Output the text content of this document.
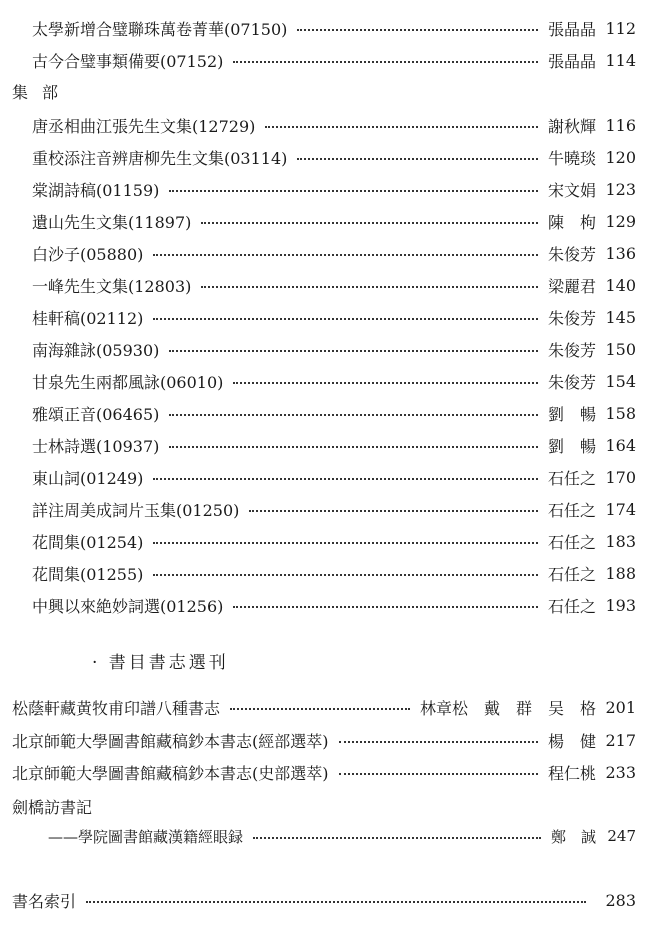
太學新增合璧聯珠萬卷菁華(07150)	張晶晶 112
古今合璧事類備要(07152)	張晶晶 114
集部
唐丞相曲江張先生文集(12729)	謝秋輝 116
重校添注音辨唐柳先生文集(03114)	牛曉琰 120
棠湖詩稿(01159)	宋文娟 123
遺山先生文集(11897)	陳　枸 129
白沙子(05880)	朱俊芳 136
一峰先生文集(12803)	梁麗君 140
桂軒稿(02112)	朱俊芳 145
南海雜詠(05930)	朱俊芳 150
甘泉先生兩都風詠(06010)	朱俊芳 154
雅頌正音(06465)	劉　暢 158
士林詩選(10937)	劉　暢 164
東山詞(01249)	石任之 170
詳注周美成詞片玉集(01250)	石任之 174
花間集(01254)	石任之 183
花間集(01255)	石任之 188
中興以來絶妙詞選(01256)	石任之 193
· 書目書志選刊
松蔭軒藏黄牧甫印譜八種書志	林章松　戴　群　吴　格 201
北京師範大學圖書館藏稿鈔本書志(經部選萃)	楊　健 217
北京師範大學圖書館藏稿鈔本書志(史部選萃)	程仁桃 233
劍橋訪書記
——學院圖書館藏漢籍經眼録	鄭　誠 247
書名索引	283
